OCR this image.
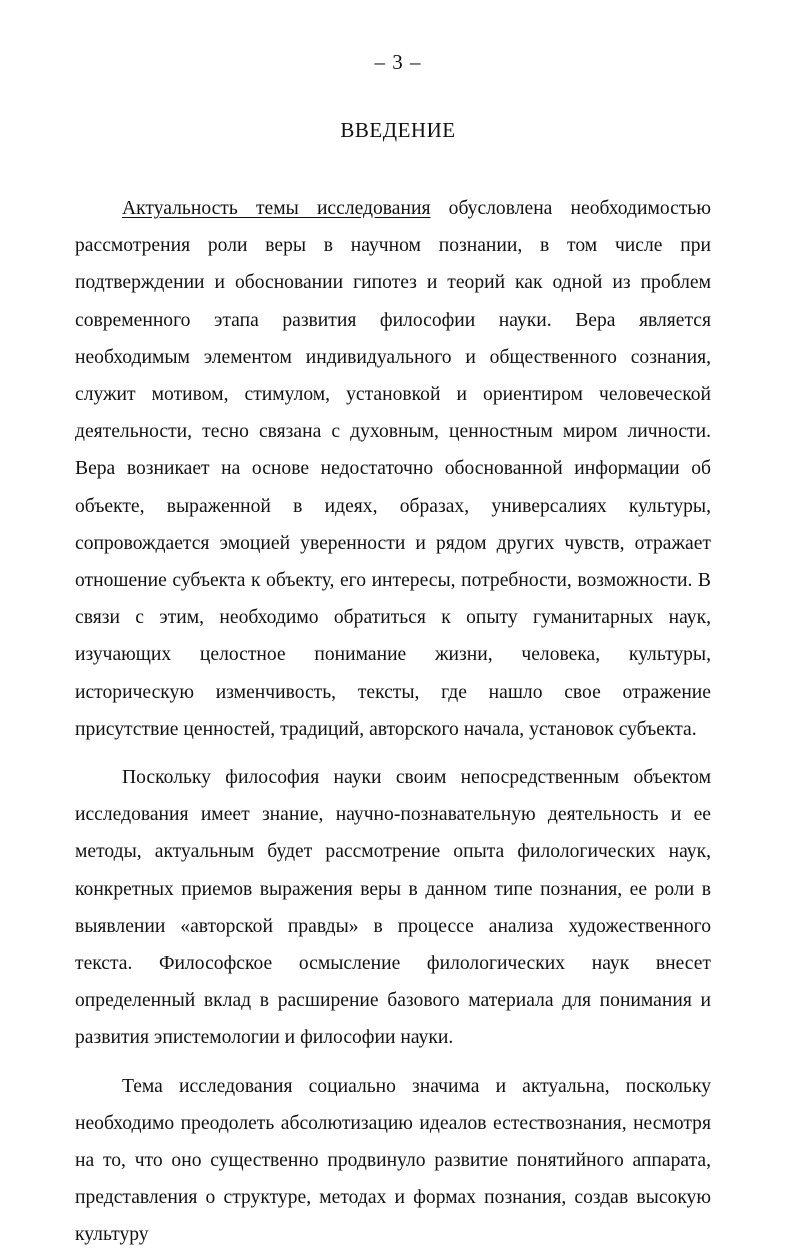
– 3 –
ВВЕДЕНИЕ

Актуальность темы исследования обусловлена необходимостью рассмотрения роли веры в научном познании, в том числе при подтверждении и обосновании гипотез и теорий как одной из проблем современного этапа развития философии науки. Вера является необходимым элементом индивидуального и общественного сознания, служит мотивом, стимулом, установкой и ориентиром человеческой деятельности, тесно связана с духовным, ценностным миром личности. Вера возникает на основе недостаточно обоснованной информации об объекте, выраженной в идеях, образах, универсалиях культуры, сопровождается эмоцией уверенности и рядом других чувств, отражает отношение субъекта к объекту, его интересы, потребности, возможности. В связи с этим, необходимо обратиться к опыту гуманитарных наук, изучающих целостное понимание жизни, человека, культуры, историческую изменчивость, тексты, где нашло свое отражение присутствие ценностей, традиций, авторского начала, установок субъекта.

Поскольку философия науки своим непосредственным объектом исследования имеет знание, научно-познавательную деятельность и ее методы, актуальным будет рассмотрение опыта филологических наук, конкретных приемов выражения веры в данном типе познания, ее роли в выявлении «авторской правды» в процессе анализа художественного текста. Философское осмысление филологических наук внесет определенный вклад в расширение базового материала для понимания и развития эпистемологии и философии науки.

Тема исследования социально значима и актуальна, поскольку необходимо преодолеть абсолютизацию идеалов естествознания, несмотря на то, что оно существенно продвинуло развитие понятийного аппарата, представления о структуре, методах и формах познания, создав высокую культуру
